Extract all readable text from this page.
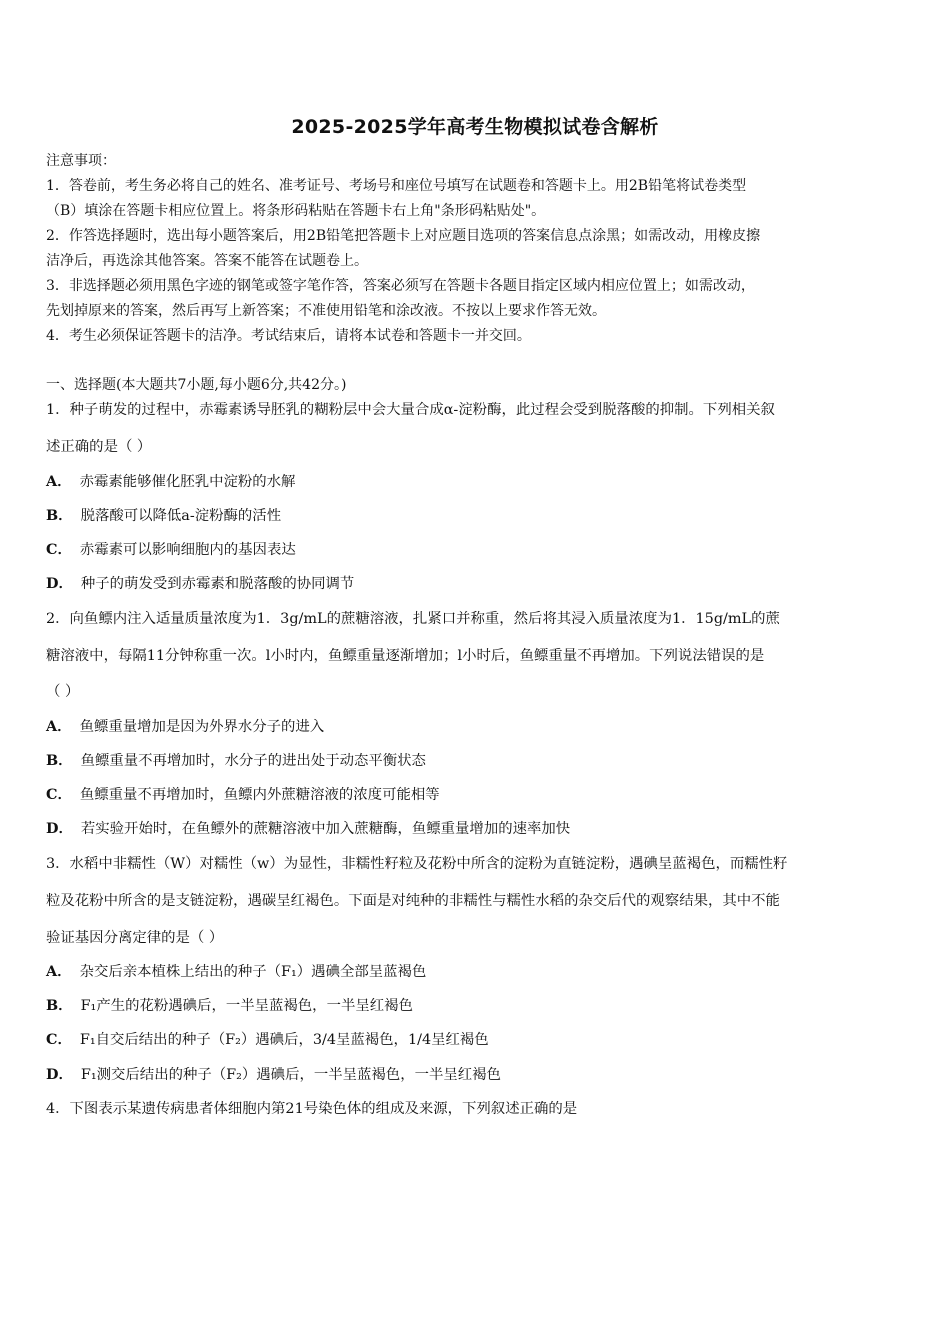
2025-2025学年高考生物模拟试卷含解析
注意事项：
1．答卷前，考生务必将自己的姓名、准考证号、考场号和座位号填写在试题卷和答题卡上。用2B铅笔将试卷类型
（B）填涂在答题卡相应位置上。将条形码粘贴在答题卡右上角"条形码粘贴处"。
2．作答选择题时，选出每小题答案后，用2B铅笔把答题卡上对应题目选项的答案信息点涂黑；如需改动，用橡皮擦
洁净后，再选涂其他答案。答案不能答在试题卷上。
3．非选择题必须用黑色字迹的钢笔或签字笔作答，答案必须写在答题卡各题目指定区域内相应位置上；如需改动，
先划掉原来的答案，然后再写上新答案；不准使用铅笔和涂改液。不按以上要求作答无效。
4．考生必须保证答题卡的洁净。考试结束后，请将本试卷和答题卡一并交回。
一、选择题(本大题共7小题,每小题6分,共42分。)
1．种子萌发的过程中，赤霉素诱导胚乳的糊粉层中会大量合成α-淀粉酶，此过程会受到脱落酸的抑制。下列相关叙
述正确的是（ ）
A． 赤霉素能够催化胚乳中淀粉的水解
B． 脱落酸可以降低a-淀粉酶的活性
C． 赤霉素可以影响细胞内的基因表达
D． 种子的萌发受到赤霉素和脱落酸的协同调节
2．向鱼鳔内注入适量质量浓度为1．3g/mL的蔗糖溶液，扎紧口并称重，然后将其浸入质量浓度为1．15g/mL的蔗
糖溶液中，每隔11分钟称重一次。l小时内，鱼鳔重量逐渐增加；l小时后，鱼鳔重量不再增加。下列说法错误的是
（ ）
A． 鱼鳔重量增加是因为外界水分子的进入
B． 鱼鳔重量不再增加时，水分子的进出处于动态平衡状态
C． 鱼鳔重量不再增加时，鱼鳔内外蔗糖溶液的浓度可能相等
D． 若实验开始时，在鱼鳔外的蔗糖溶液中加入蔗糖酶，鱼鳔重量增加的速率加快
3．水稻中非糯性（W）对糯性（w）为显性，非糯性籽粒及花粉中所含的淀粉为直链淀粉，遇碘呈蓝褐色，而糯性籽
粒及花粉中所含的是支链淀粉，遇碳呈红褐色。下面是对纯种的非糯性与糯性水稻的杂交后代的观察结果，其中不能
验证基因分离定律的是（ ）
A． 杂交后亲本植株上结出的种子（F₁）遇碘全部呈蓝褐色
B． F₁产生的花粉遇碘后，一半呈蓝褐色，一半呈红褐色
C． F₁自交后结出的种子（F₂）遇碘后，3/4呈蓝褐色，1/4呈红褐色
D． F₁测交后结出的种子（F₂）遇碘后，一半呈蓝褐色，一半呈红褐色
4．下图表示某遗传病患者体细胞内第21号染色体的组成及来源，下列叙述正确的是
